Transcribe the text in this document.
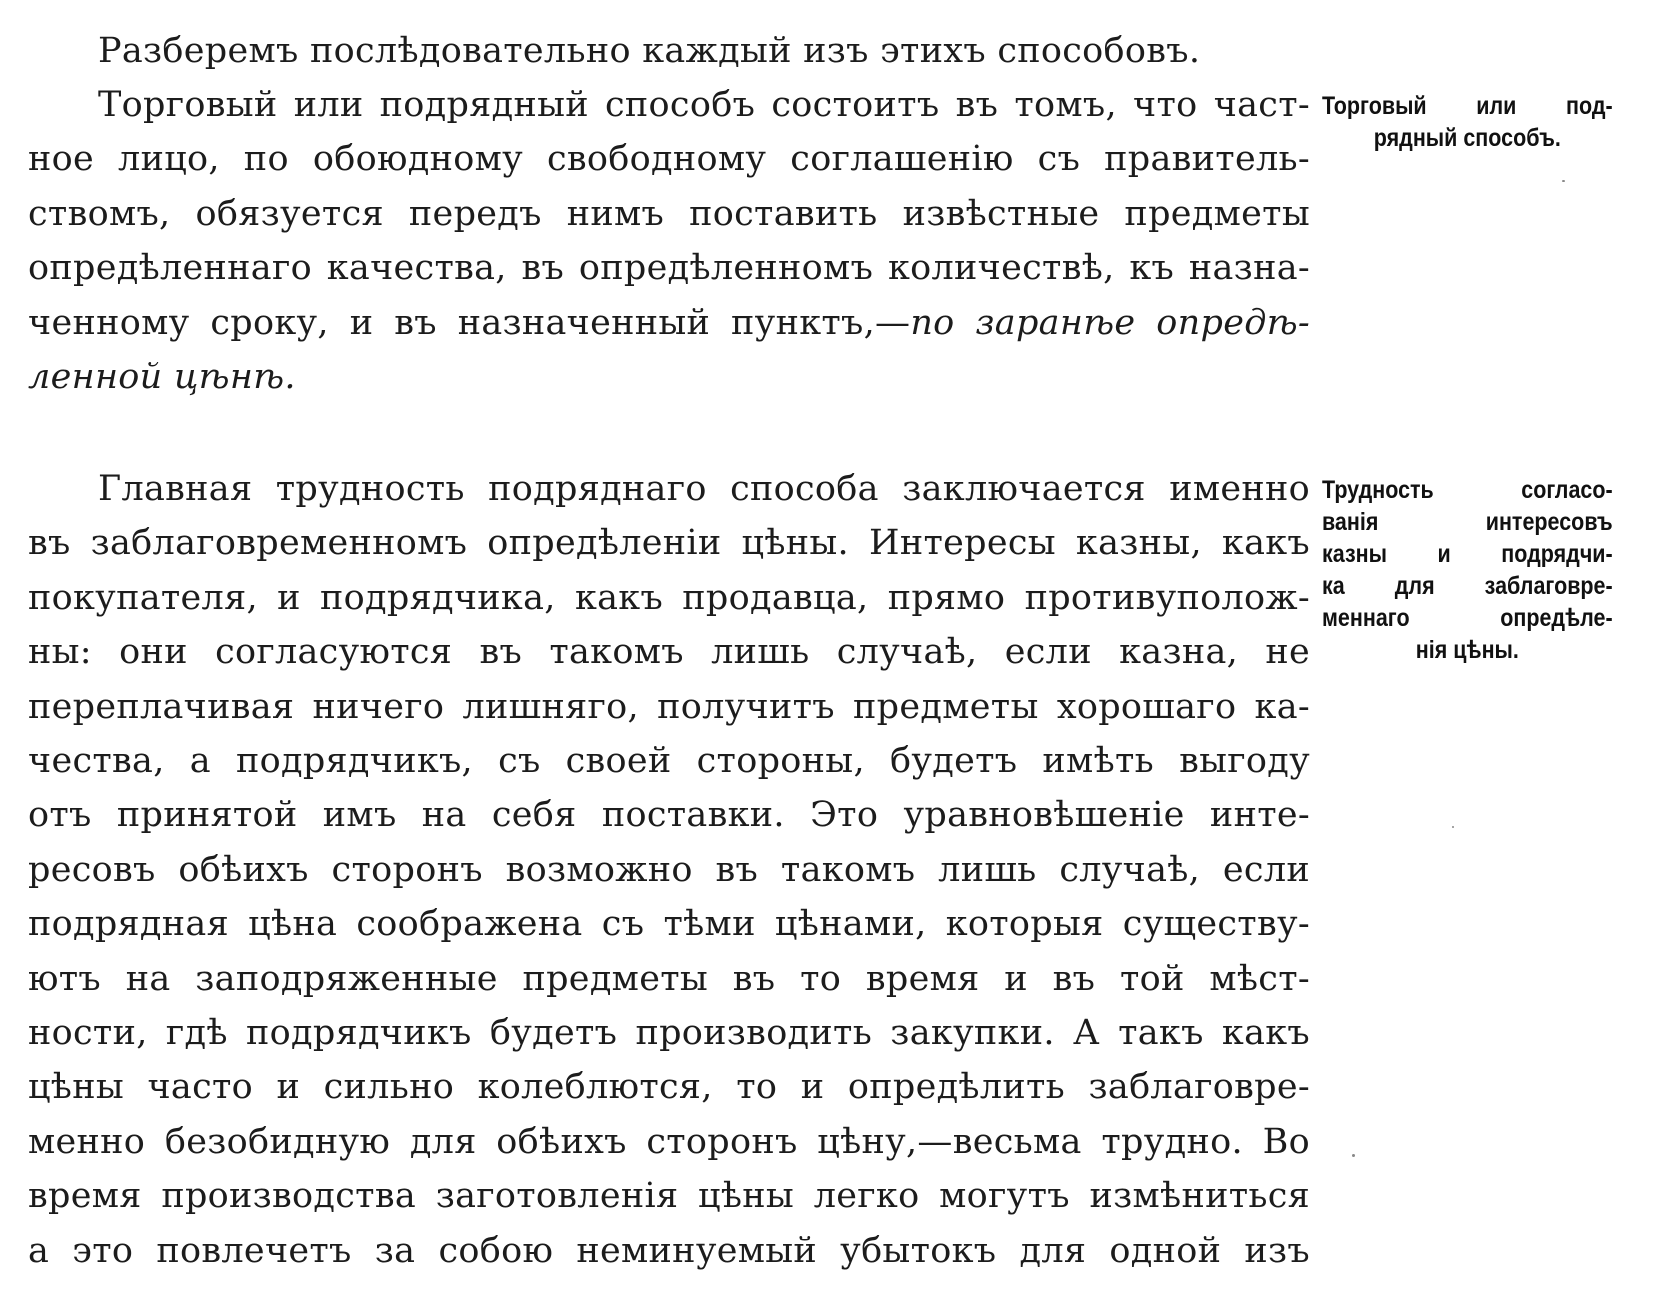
Разберемъ послѣдовательно каждый изъ этихъ способовъ.
Торговый или подрядный способъ состоитъ въ томъ, что част-
ное лицо, по обоюдному свободному соглашенію съ правитель-
ствомъ, обязуется передъ нимъ поставить извѣстные предметы
опредѣленнаго качества, въ опредѣленномъ количествѣ, къ назна-
ченному сроку, и въ назначенный пунктъ,—по заранѣе опредѣ-
ленной цѣнѣ.
Главная трудность подряднаго способа заключается именно
въ заблаговременномъ опредѣленіи цѣны. Интересы казны, какъ
покупателя, и подрядчика, какъ продавца, прямо противуполож-
ны: они согласуются въ такомъ лишь случаѣ, если казна, не
переплачивая ничего лишняго, получитъ предметы хорошаго ка-
чества, а подрядчикъ, съ своей стороны, будетъ имѣть выгоду
отъ принятой имъ на себя поставки. Это уравновѣшеніе инте-
ресовъ обѣихъ сторонъ возможно въ такомъ лишь случаѣ, если
подрядная цѣна соображена съ тѣми цѣнами, которыя существу-
ютъ на заподряженные предметы въ то время и въ той мѣст-
ности, гдѣ подрядчикъ будетъ производить закупки. А такъ какъ
цѣны часто и сильно колеблются, то и опредѣлить заблаговре-
менно безобидную для обѣихъ сторонъ цѣну,—весьма трудно. Во
время производства заготовленія цѣны легко могутъ измѣниться
а это повлечетъ за собою неминуемый убытокъ для одной изъ
Торговый или под-
рядный способъ.
Трудность согласо-
ванія интересовъ
казны и подрядчи-
ка для заблаговре-
меннаго опредѣле-
нія цѣны.
